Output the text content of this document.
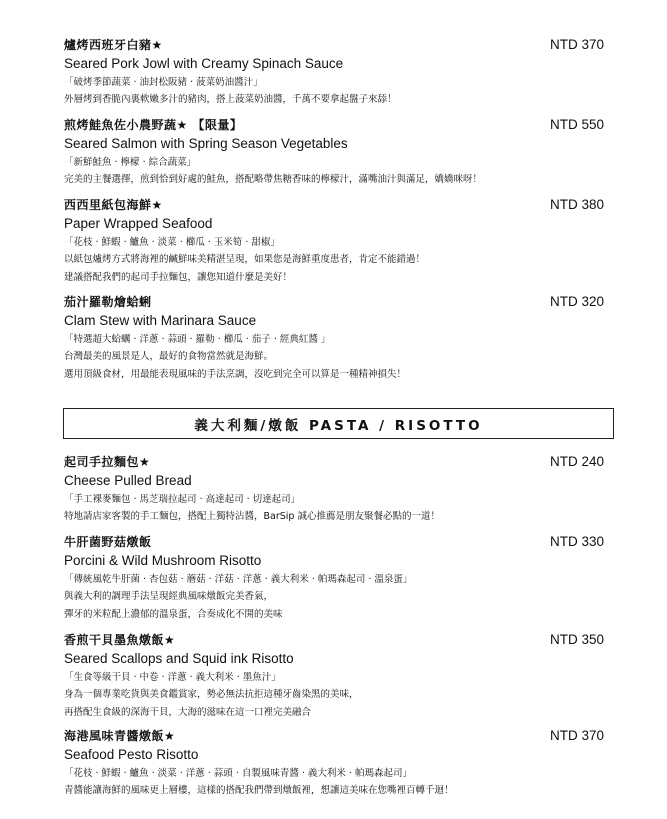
爐烤西班牙白豬★	NTD 370
Seared Pork Jowl with Creamy Spinach Sauce
「破烤季節蔬菜 · 油封松阪豬 · 菠菜奶油醬汁」
外層烤到香脆內裏軟嫩多汁的豬肉，搭上菠菜奶油醬，千萬不要拿起盤子來舔！
煎烤鮭魚佐小農野蔬★ 【限量】	NTD 550
Seared Salmon with Spring Season Vegetables
「新鮮鮭魚 · 檸檬 · 綜合蔬菜」
完美的主餐選擇，煎到恰到好處的鮭魚，搭配略帶焦糖香味的檸檬汁，滿嘴油汁與滿足，嬌嬌咪呀！
西西里紙包海鮮★	NTD 380
Paper Wrapped Seafood
「花枝 · 鮮蝦 · 鱸魚 · 淡菜 · 櫛瓜 · 玉米筍 · 甜椒」
以紙包爐烤方式將海裡的鹹鮮味美精湛呈現，如果您是海鮮重度患者，肯定不能錯過！
建議搭配我們的起司手拉麵包，讓您知道什麼是美好！
茄汁羅勒燴蛤蜊	NTD 320
Clam Stew with Marinara Sauce
「特選超大蛤蠣 · 洋蔥 · 蒜頭 · 羅勒 · 櫛瓜 · 茄子 · 經典紅醬 」
台灣最美的風景是人，最好的食物當然就是海鮮。
選用頂級食材，用最能表現風味的手法烹調，沒吃到完全可以算是一種精神損失！
義大利麵/燉飯 PASTA / RISOTTO
起司手拉麵包★	NTD 240
Cheese Pulled Bread
「手工裸麥麵包 · 馬芝瑞拉起司 · 高達起司 · 切達起司」
特地請店家客製的手工麵包，搭配上獨特沾醬，BarSip 誠心推薦是朋友聚餐必點的一道！
牛肝菌野菇燉飯	NTD 330
Porcini & Wild Mushroom Risotto
「傳統風乾牛肝菌 · 杏包菇 · 蘑菇 · 洋菇 · 洋蔥 · 義大利米 · 帕瑪森起司 · 溫泉蛋」
與義大利的調理手法呈現經典風味燉飯完美香氣，
彈牙的米粒配上濃郁的溫泉蛋，合奏成化不開的美味
香煎干貝墨魚燉飯★	NTD 350
Seared Scallops and Squid ink Risotto
「生食等級干貝 · 中卷 · 洋蔥 · 義大利米 · 墨魚汁」
身為一個專業吃貨與美食鑑賞家，勢必無法抗拒這種牙齒染黑的美味，
再搭配生食級的深海干貝，大海的滋味在這一口裡完美融合
海港風味青醬燉飯★	NTD 370
Seafood Pesto Risotto
「花枝 · 鮮蝦 · 鱸魚 · 淡菜 · 洋蔥 · 蒜頭 · 自製風味青醬 · 義大利米 · 帕瑪森起司」
青醬能讓海鮮的風味更上層樓，這樣的搭配我們帶到燉飯裡，想讓這美味在您嘴裡百轉千迴！
